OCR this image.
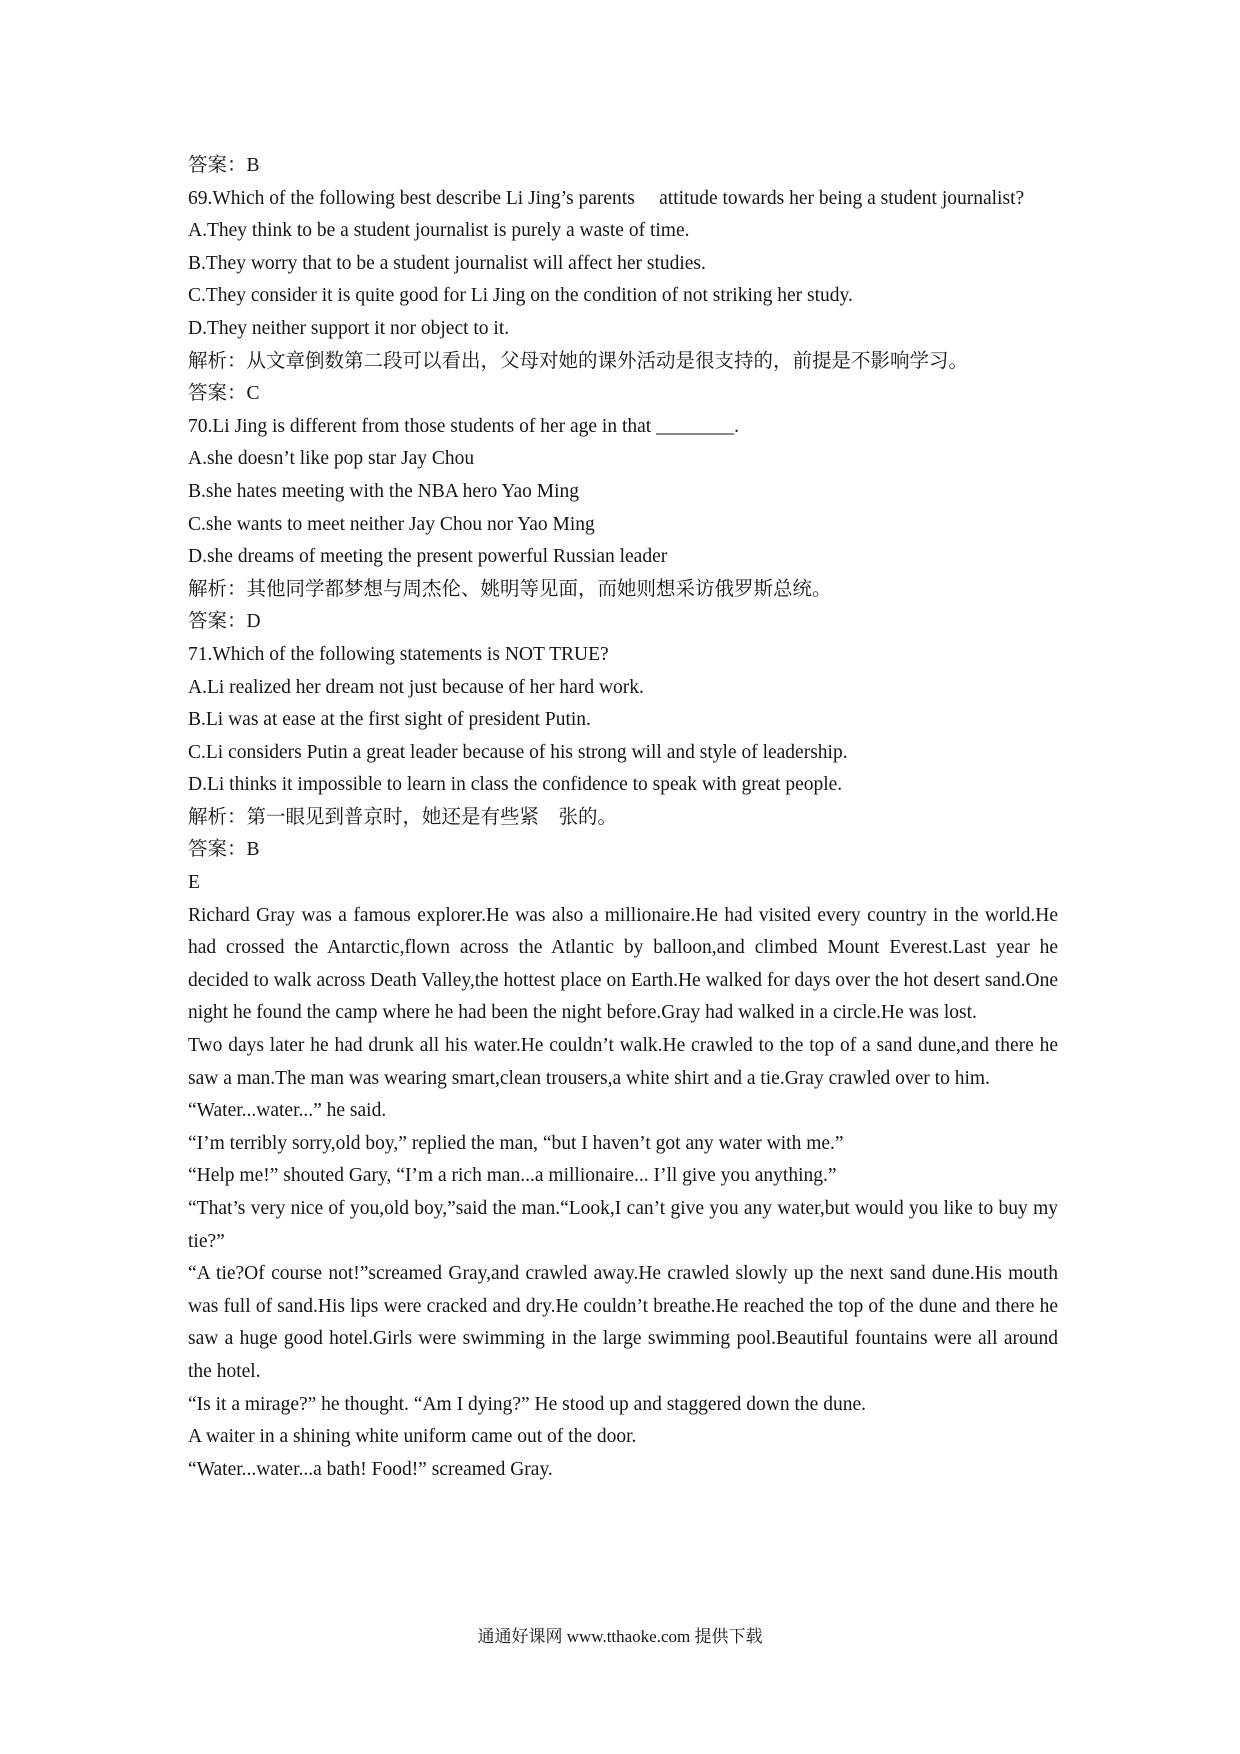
答案：B
69.Which of the following best describe Li Jing’s parents　 attitude towards her being a student journalist?
A.They think to be a student journalist is purely a waste of time.
B.They worry that to be a student journalist will affect her studies.
C.They consider it is quite good for Li Jing on the condition of not striking her study.
D.They neither support it nor object to it.
解析：从文章倒数第二段可以看出，父母对她的课外活动是很支持的，前提是不影响学习。
答案：C
70.Li Jing is different from those students of her age in that ________.
A.she doesn’t like pop star Jay Chou
B.she hates meeting with the NBA hero Yao Ming
C.she wants to meet neither Jay Chou nor Yao Ming
D.she dreams of meeting the present powerful Russian leader
解析：其他同学都梦想与周杰伦、姚明等见面，而她则想采访俄罗斯总统。
答案：D
71.Which of the following statements is NOT TRUE?
A.Li realized her dream not just because of her hard work.
B.Li was at ease at the first sight of president Putin.
C.Li considers Putin a great leader because of his strong will and style of leadership.
D.Li thinks it impossible to learn in class the confidence to speak with great people.
解析：第一眼见到普京时，她还是有些紧　张的。
答案：B
E
Richard Gray was a famous explorer.He was also a millionaire.He had visited every country in the world.He had crossed the Antarctic,flown across the Atlantic by balloon,and climbed Mount Everest.Last year he decided to walk across Death Valley,the hottest place on Earth.He walked for days over the hot desert sand.One night he found the camp where he had been the night before.Gray had walked in a circle.He was lost.
Two days later he had drunk all his water.He couldn’t walk.He crawled to the top of a sand dune,and there he saw a man.The man was wearing smart,clean trousers,a white shirt and a tie.Gray crawled over to him.
“Water...water...” he said.
“I’m terribly sorry,old boy,” replied the man, “but I haven’t got any water with me.”
“Help me!” shouted Gary, “I’m a rich man...a millionaire... I’ll give you anything.”
“That’s very nice of you,old boy,”said the man.“Look,I can’t give you any water,but would you like to buy my tie?”
“A tie?Of course not!”screamed Gray,and crawled away.He crawled slowly up the next sand dune.His mouth was full of sand.His lips were cracked and dry.He couldn’t breathe.He reached the top of the dune and there he saw a huge good hotel.Girls were swimming in the large swimming pool.Beautiful fountains were all around the hotel.
“Is it a mirage?” he thought. “Am I dying?” He stood up and staggered down the dune.
A waiter in a shining white uniform came out of the door.
“Water...water...a bath! Food!” screamed Gray.
通通好课网 www.tthaoke.com 提供下载
